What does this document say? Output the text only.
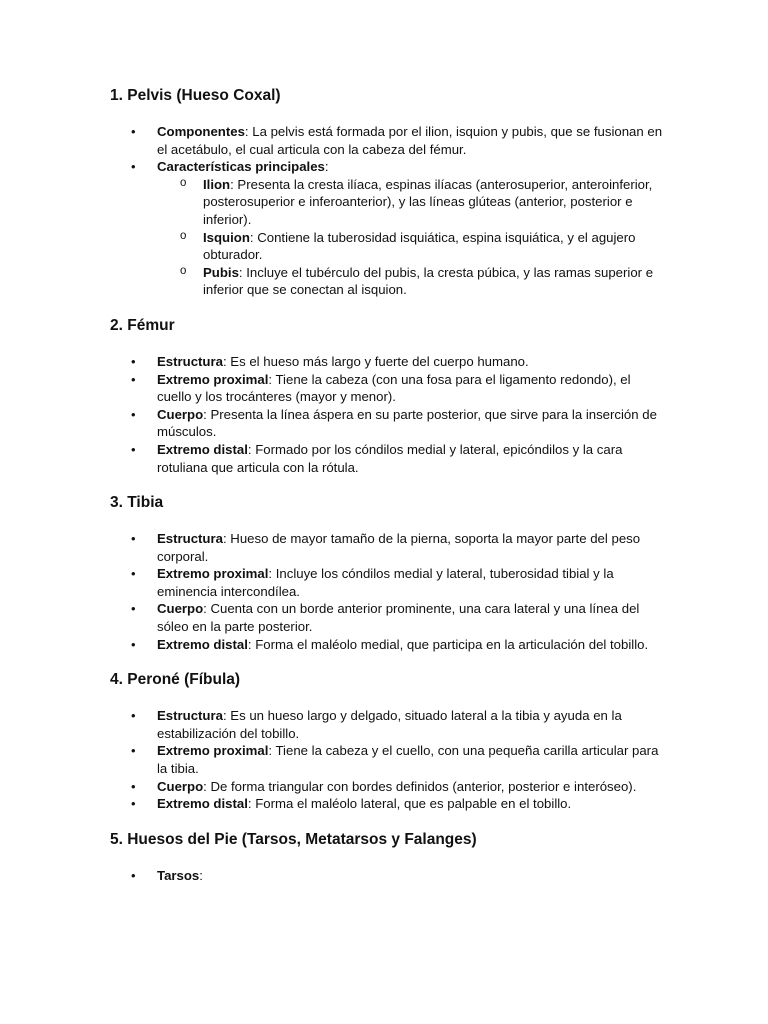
1. Pelvis (Hueso Coxal)
• Componentes: La pelvis está formada por el ilion, isquion y pubis, que se fusionan en el acetábulo, el cual articula con la cabeza del fémur.
• Características principales:
o Ilion: Presenta la cresta ilíaca, espinas ilíacas (anterosuperior, anteroinferior, posterosuperior e inferoanterior), y las líneas glúteas (anterior, posterior e inferior).
o Isquion: Contiene la tuberosidad isquiática, espina isquiática, y el agujero obturador.
o Pubis: Incluye el tubérculo del pubis, la cresta púbica, y las ramas superior e inferior que se conectan al isquion.
2. Fémur
• Estructura: Es el hueso más largo y fuerte del cuerpo humano.
• Extremo proximal: Tiene la cabeza (con una fosa para el ligamento redondo), el cuello y los trocánteres (mayor y menor).
• Cuerpo: Presenta la línea áspera en su parte posterior, que sirve para la inserción de músculos.
• Extremo distal: Formado por los cóndilos medial y lateral, epicóndilos y la cara rotuliana que articula con la rótula.
3. Tibia
• Estructura: Hueso de mayor tamaño de la pierna, soporta la mayor parte del peso corporal.
• Extremo proximal: Incluye los cóndilos medial y lateral, tuberosidad tibial y la eminencia intercondílea.
• Cuerpo: Cuenta con un borde anterior prominente, una cara lateral y una línea del sóleo en la parte posterior.
• Extremo distal: Forma el maléolo medial, que participa en la articulación del tobillo.
4. Peroné (Fíbula)
• Estructura: Es un hueso largo y delgado, situado lateral a la tibia y ayuda en la estabilización del tobillo.
• Extremo proximal: Tiene la cabeza y el cuello, con una pequeña carilla articular para la tibia.
• Cuerpo: De forma triangular con bordes definidos (anterior, posterior e interóseo).
• Extremo distal: Forma el maléolo lateral, que es palpable en el tobillo.
5. Huesos del Pie (Tarsos, Metatarsos y Falanges)
• Tarsos:
